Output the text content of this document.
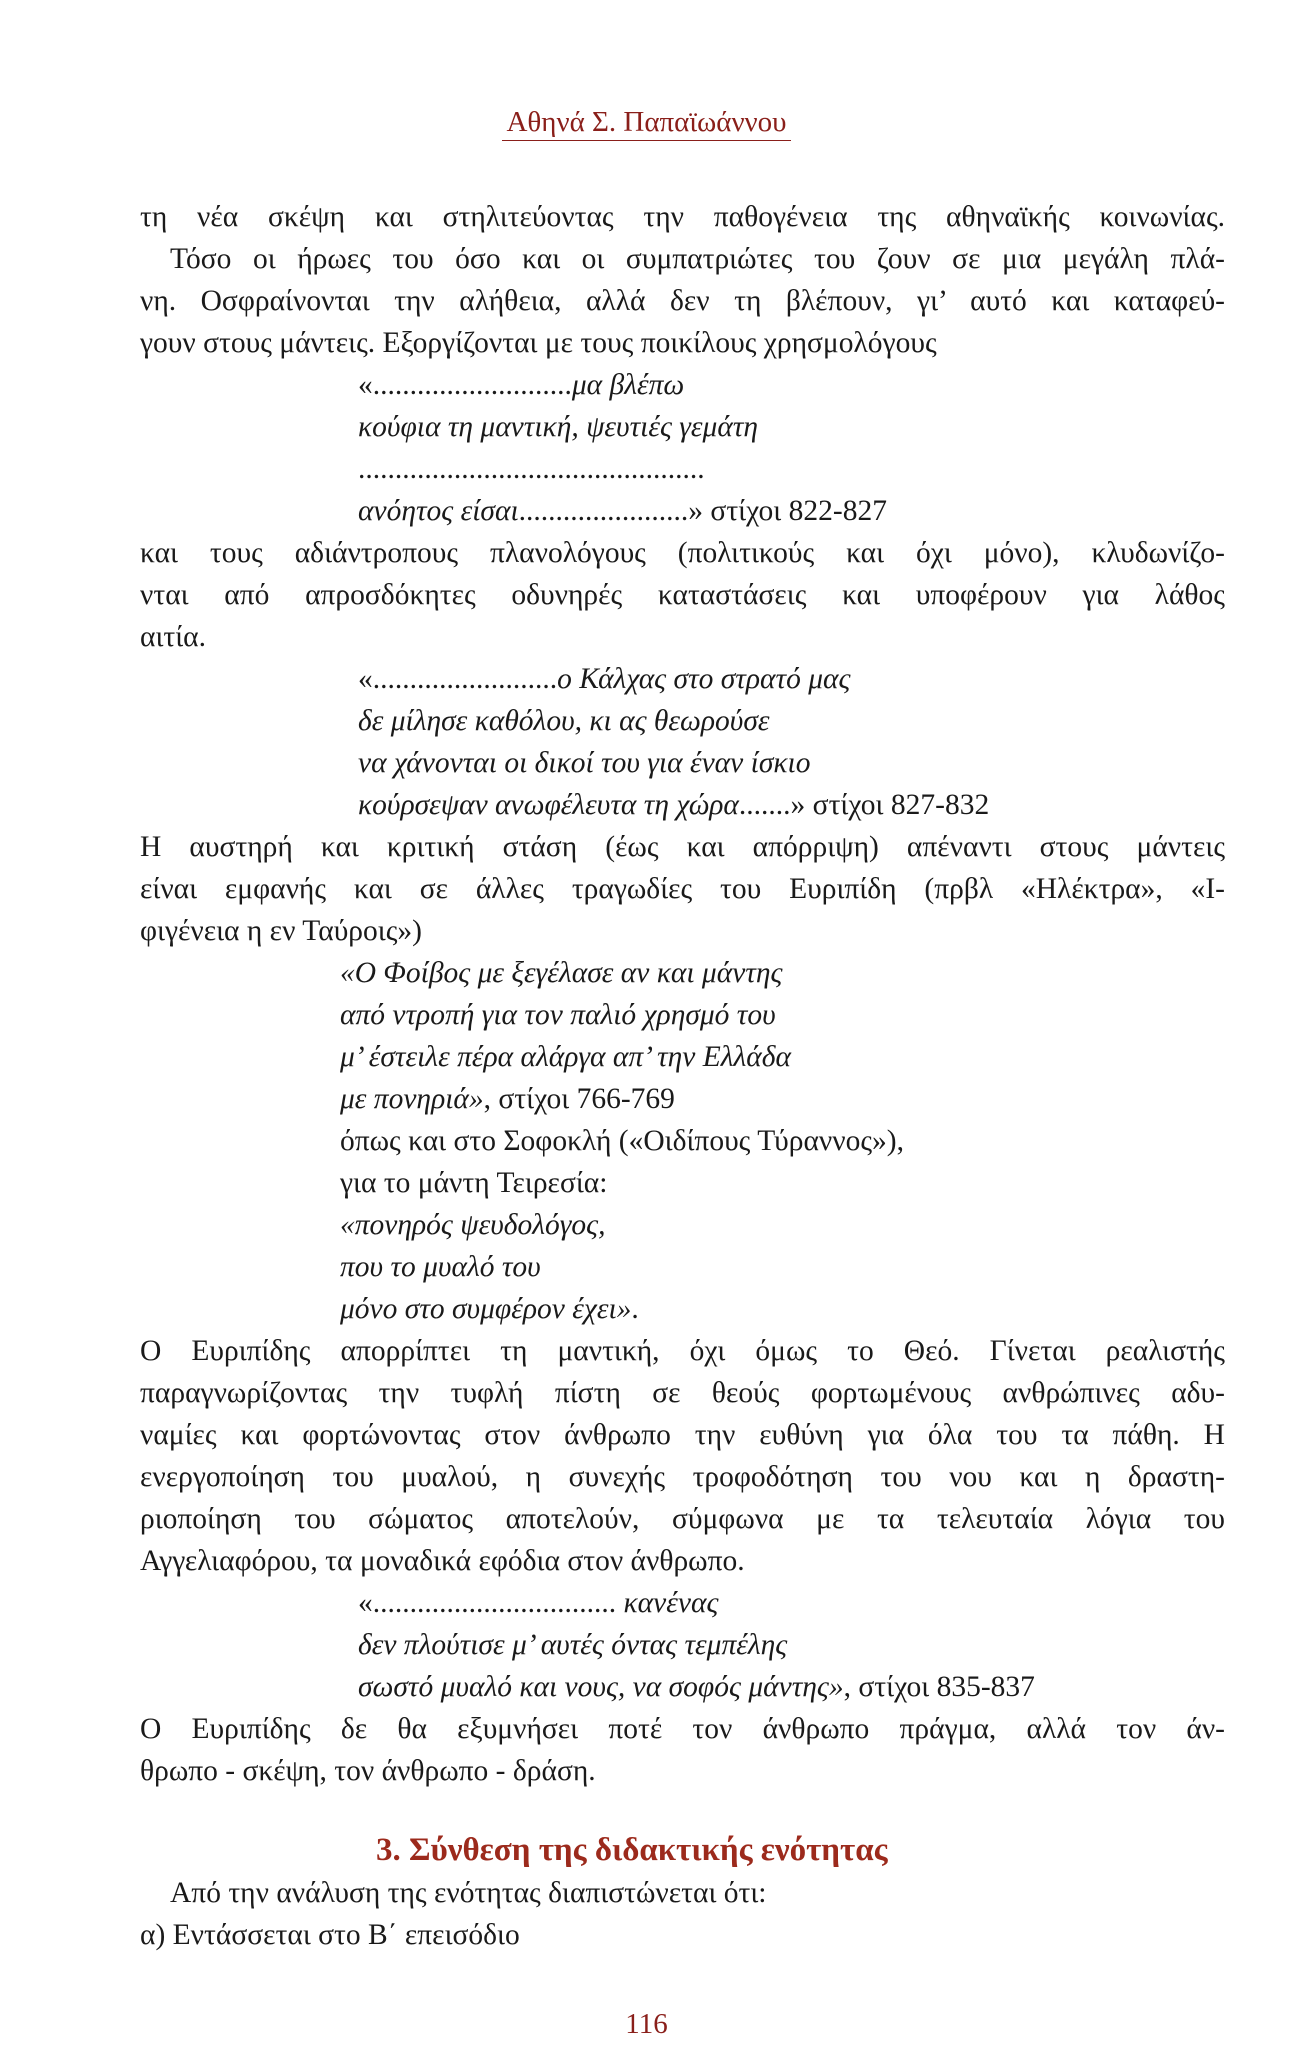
Αθηνά Σ. Παπαϊωάννου
τη νέα σκέψη και στηλιτεύοντας την παθογένεια της αθηναϊκής κοινωνίας.
Τόσο οι ήρωες του όσο και οι συμπατριώτες του ζουν σε μια μεγάλη πλά-
νη. Οσφραίνονται την αλήθεια, αλλά δεν τη βλέπουν, γι’ αυτό και καταφεύ-
γουν στους μάντεις. Εξοργίζονται με τους ποικίλους χρησμολόγους
«...........................μα βλέπω
κούφια τη μαντική, ψευτιές γεμάτη
...............................................
ανόητος είσαι.......................» στίχοι 822-827
και τους αδιάντροπους πλανολόγους (πολιτικούς και όχι μόνο), κλυδωνίζο-
νται από απροσδόκητες οδυνηρές καταστάσεις και υποφέρουν για λάθος
αιτία.
«.........................ο Κάλχας στο στρατό μας
δε μίλησε καθόλου, κι ας θεωρούσε
να χάνονται οι δικοί του για έναν ίσκιο
κούρσεψαν ανωφέλευτα τη χώρα.......» στίχοι 827-832
Η αυστηρή και κριτική στάση (έως και απόρριψη) απέναντι στους μάντεις
είναι εμφανής και σε άλλες τραγωδίες του Ευριπίδη (πρβλ «Ηλέκτρα», «Ι-
φιγένεια η εν Ταύροις»)
«Ο Φοίβος με ξεγέλασε αν και μάντης
από ντροπή για τον παλιό χρησμό του
μ’ έστειλε πέρα αλάργα απ’ την Ελλάδα
με πονηριά», στίχοι 766-769
όπως και στο Σοφοκλή («Οιδίπους Τύραννος»),
για το μάντη Τειρεσία:
«πονηρός ψευδολόγος,
που το μυαλό του
μόνο στο συμφέρον έχει».
Ο Ευριπίδης απορρίπτει τη μαντική, όχι όμως το Θεό. Γίνεται ρεαλιστής
παραγνωρίζοντας την τυφλή πίστη σε θεούς φορτωμένους ανθρώπινες αδυ-
ναμίες και φορτώνοντας στον άνθρωπο την ευθύνη για όλα του τα πάθη. Η
ενεργοποίηση του μυαλού, η συνεχής τροφοδότηση του νου και η δραστη-
ριοποίηση του σώματος αποτελούν, σύμφωνα με τα τελευταία λόγια του
Αγγελιαφόρου, τα μοναδικά εφόδια στον άνθρωπο.
«................................. κανένας
δεν πλούτισε μ’ αυτές όντας τεμπέλης
σωστό μυαλό και νους, να σοφός μάντης», στίχοι 835-837
Ο Ευριπίδης δε θα εξυμνήσει ποτέ τον άνθρωπο πράγμα, αλλά τον άν-
θρωπο - σκέψη, τον άνθρωπο - δράση.
3. Σύνθεση της διδακτικής ενότητας
Από την ανάλυση της ενότητας διαπιστώνεται ότι:
α) Εντάσσεται στο Β΄ επεισόδιο
116
